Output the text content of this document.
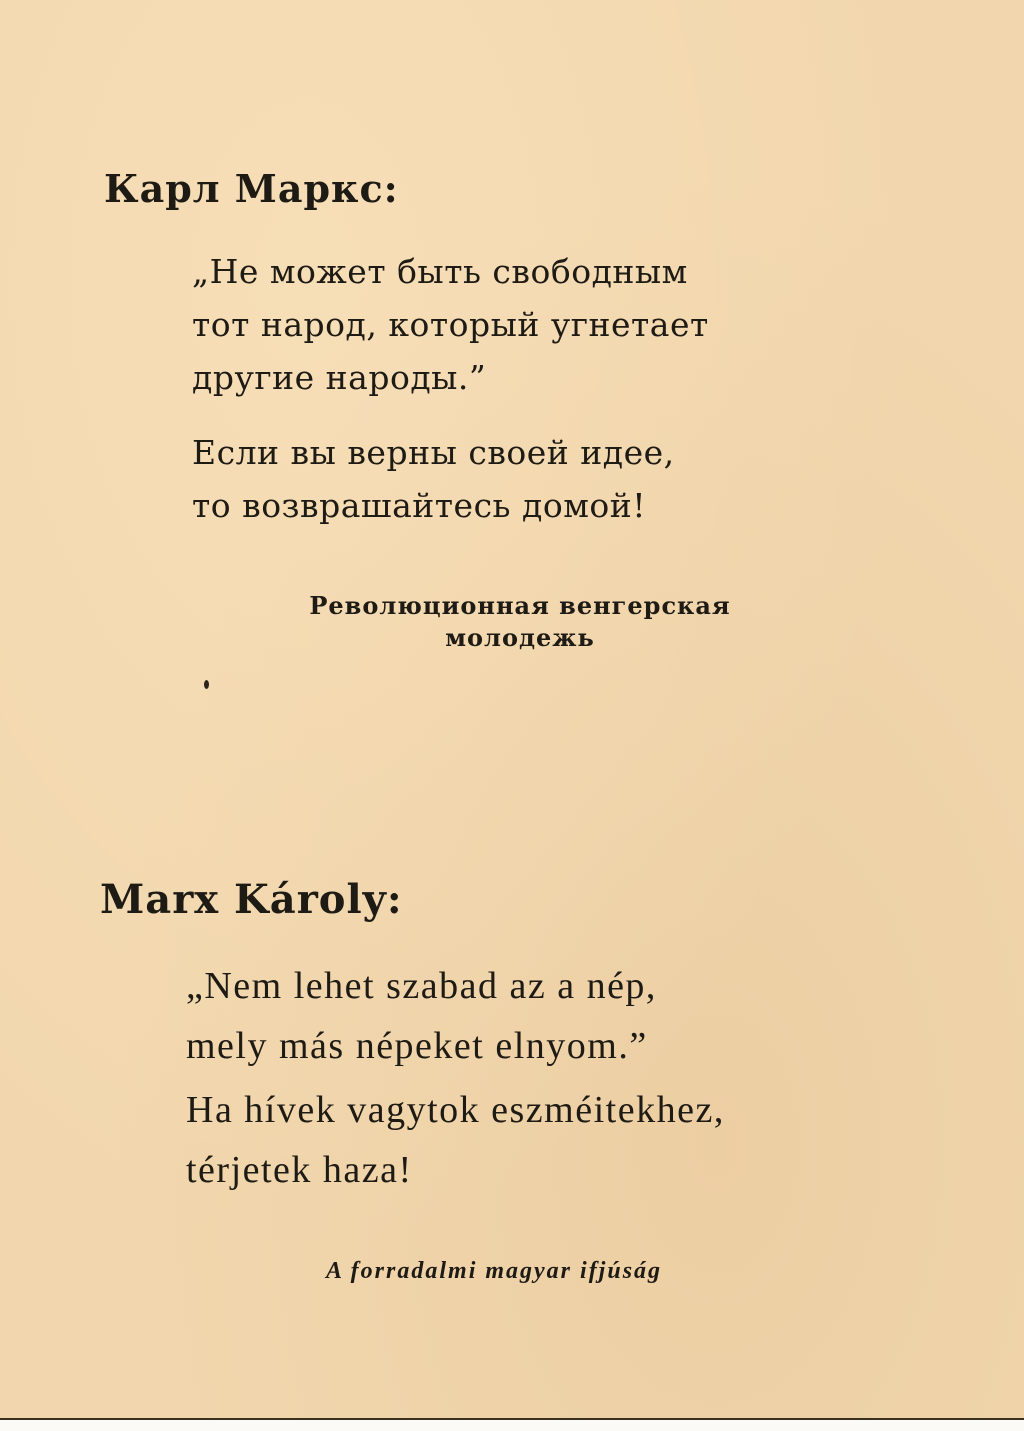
Карл Маркс:
„Не может быть свободным
тот народ, который угнетает
другие народы.”
Если вы верны своей идее,
то возврашайтесь домой!
Революционная венгерская
молодежь
Marx Károly:
„Nem lehet szabad az a nép,
mely más népeket elnyom.”
Ha hívek vagytok eszméitekhez,
térjetek haza!
A forradalmi magyar ifjúság
